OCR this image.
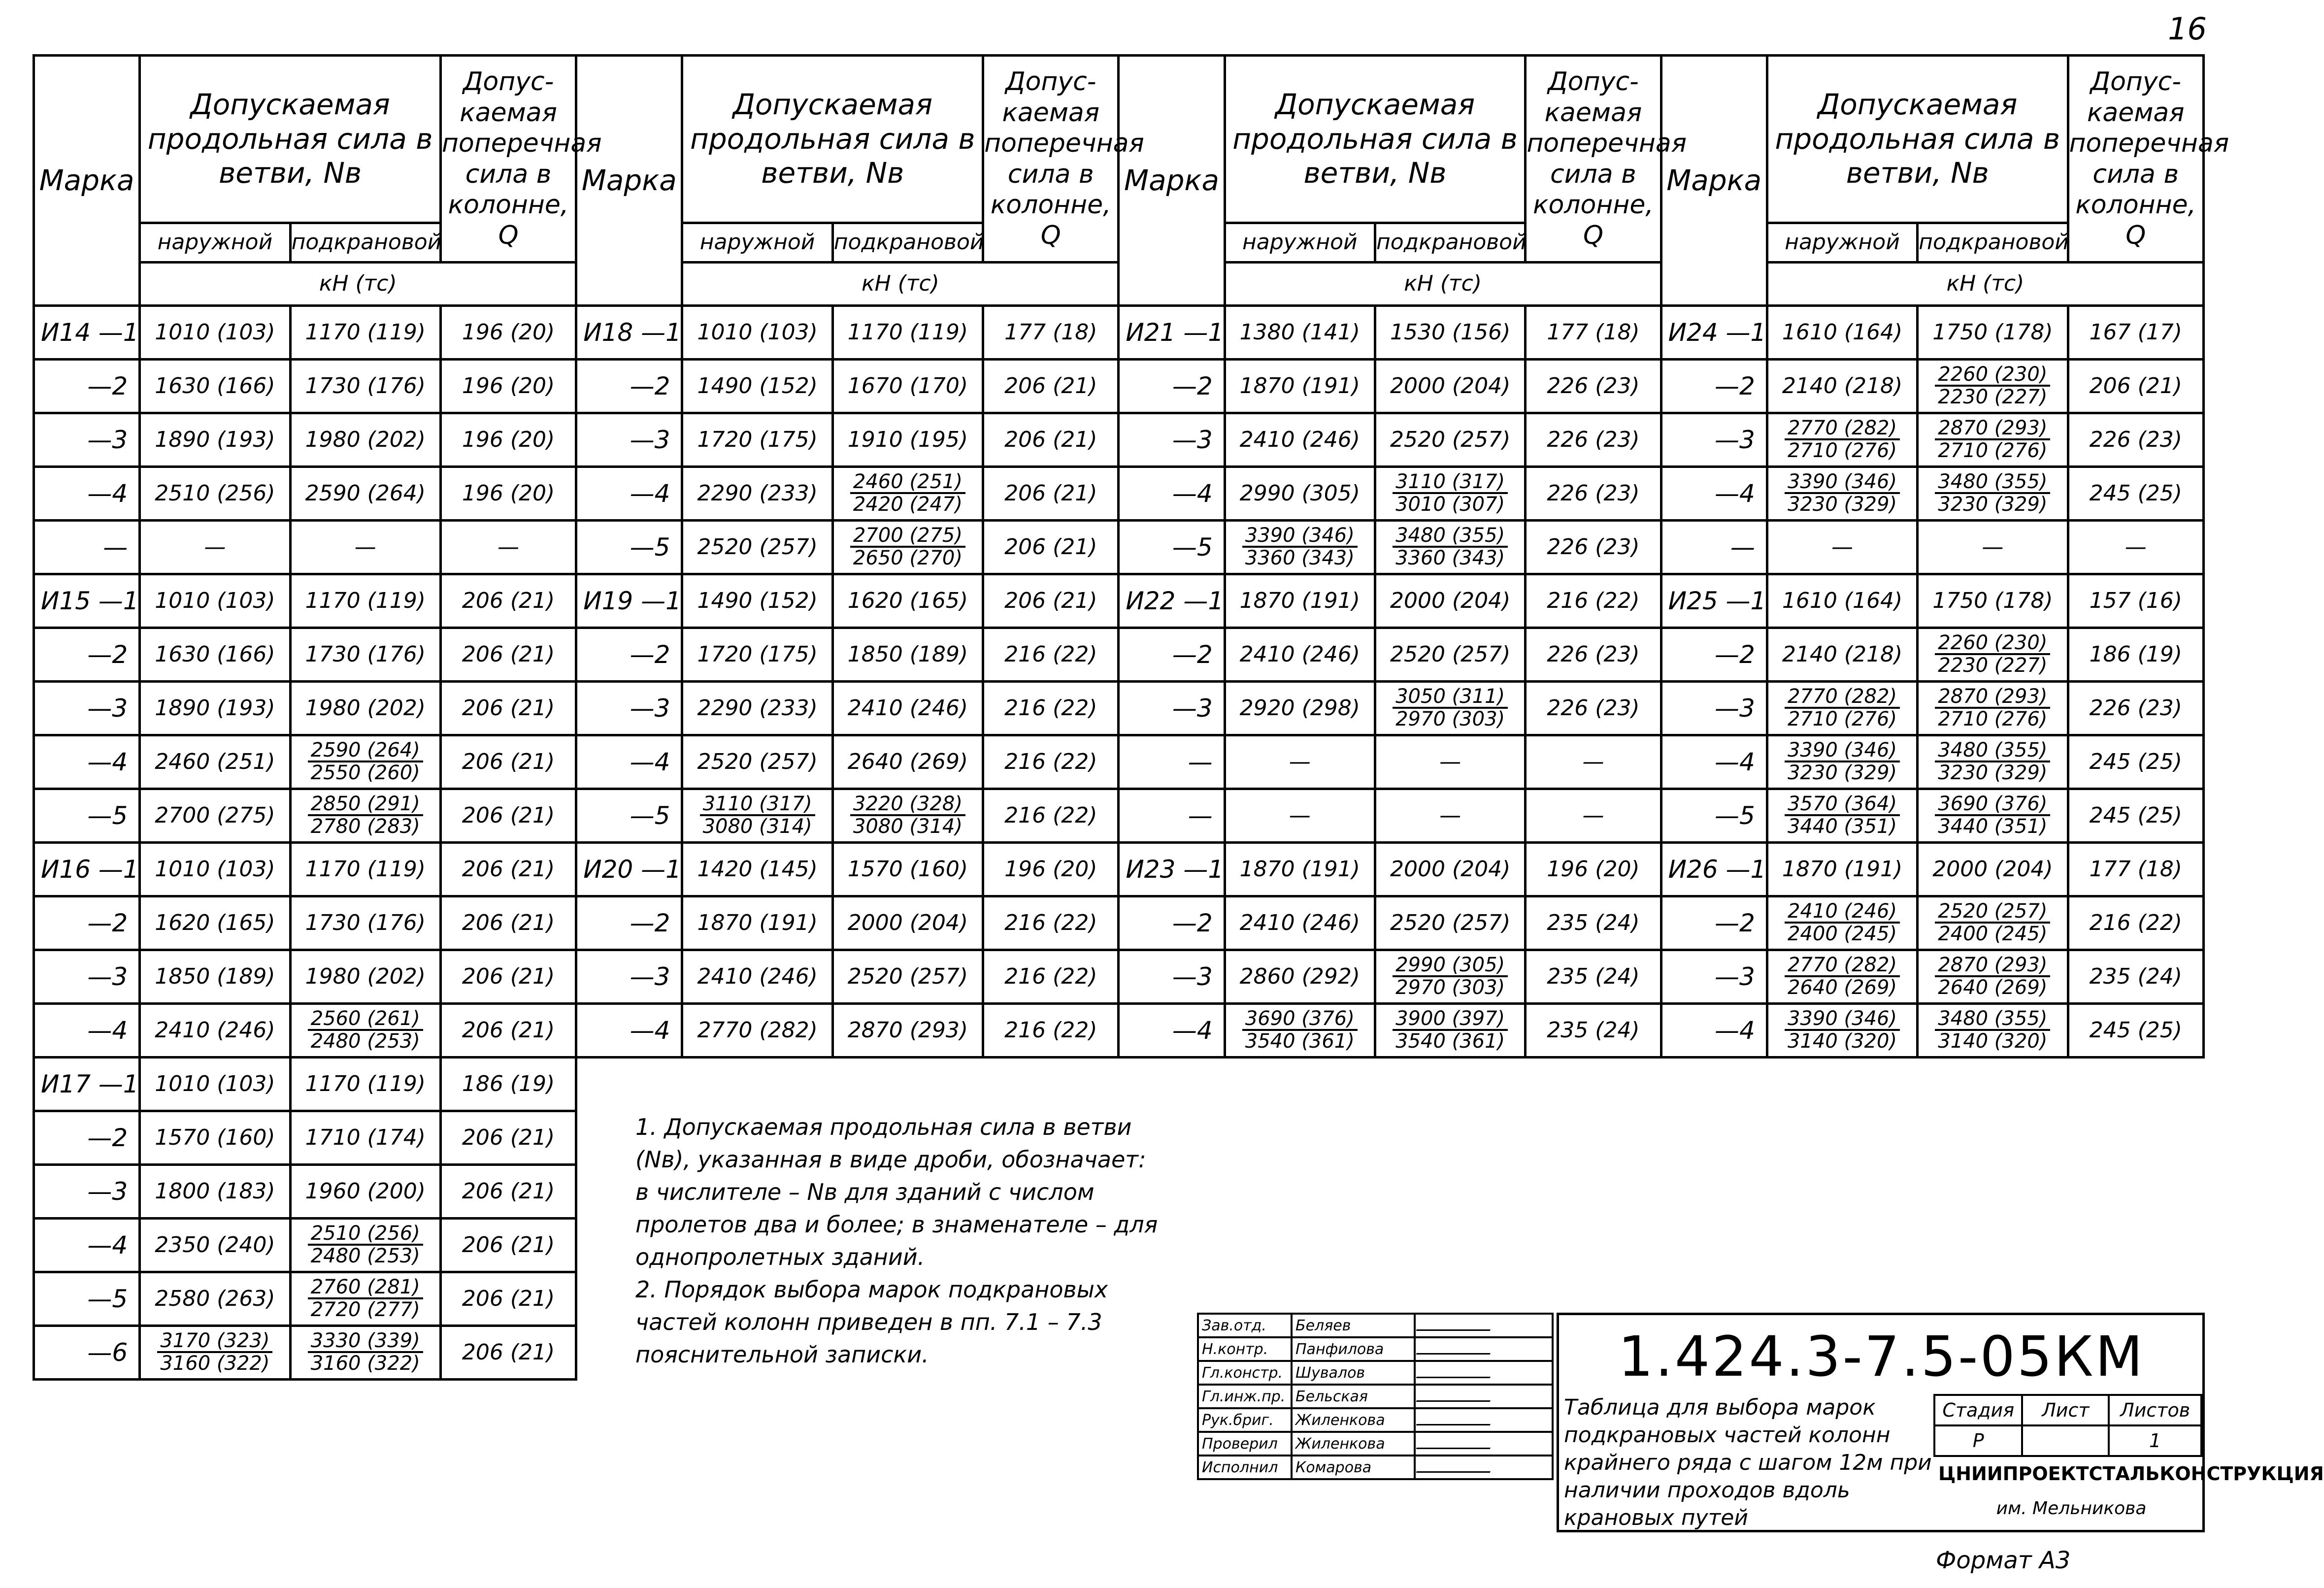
16
Марка	Допускаемая продольная сила в ветви, Nв		Допус-каемая поперечная сила в колонне, Q	Марка	Допускаемая продольная сила в ветви, Nв		Допус-каемая поперечная сила в колонне, Q	Марка	Допускаемая продольная сила в ветви, Nв		Допус-каемая поперечная сила в колонне, Q	Марка	Допускаемая продольная сила в ветви, Nв		Допус-каемая поперечная сила в колонне, Q
	наружной	подкрановой			наружной	подкрановой			наружной	подкрановой			наружной	подкрановой	
	кН (тс)				кН (тс)				кН (тс)				кН (тс)		
И14 —1	1010 (103)	1170 (119)	196 (20)	И18 —1	1010 (103)	1170 (119)	177 (18)	И21 —1	1380 (141)	1530 (156)	177 (18)	И24 —1	1610 (164)	1750 (178)	167 (17)
—2	1630 (166)	1730 (176)	196 (20)	—2	1490 (152)	1670 (170)	206 (21)	—2	1870 (191)	2000 (204)	226 (23)	—2	2140 (218)	$\frac{2260 (230)}{2230 (227)}$	206 (21)
—3	1890 (193)	1980 (202)	196 (20)	—3	1720 (175)	1910 (195)	206 (21)	—3	2410 (246)	2520 (257)	226 (23)	—3	$\frac{2770 (282)}{2710 (276)}$	$\frac{2870 (293)}{2710 (276)}$	226 (23)
—4	2510 (256)	2590 (264)	196 (20)	—4	2290 (233)	$\frac{2460 (251)}{2420 (247)}$	206 (21)	—4	2990 (305)	$\frac{3110 (317)}{3010 (307)}$	226 (23)	—4	$\frac{3390 (346)}{3230 (329)}$	$\frac{3480 (355)}{3230 (329)}$	245 (25)
—	—	—	—	—5	2520 (257)	$\frac{2700 (275)}{2650 (270)}$	206 (21)	—5	$\frac{3390 (346)}{3360 (343)}$	$\frac{3480 (355)}{3360 (343)}$	226 (23)	—	—	—	—
И15 —1	1010 (103)	1170 (119)	206 (21)	И19 —1	1490 (152)	1620 (165)	206 (21)	И22 —1	1870 (191)	2000 (204)	216 (22)	И25 —1	1610 (164)	1750 (178)	157 (16)
—2	1630 (166)	1730 (176)	206 (21)	—2	1720 (175)	1850 (189)	216 (22)	—2	2410 (246)	2520 (257)	226 (23)	—2	2140 (218)	$\frac{2260 (230)}{2230 (227)}$	186 (19)
—3	1890 (193)	1980 (202)	206 (21)	—3	2290 (233)	2410 (246)	216 (22)	—3	2920 (298)	$\frac{3050 (311)}{2970 (303)}$	226 (23)	—3	$\frac{2770 (282)}{2710 (276)}$	$\frac{2870 (293)}{2710 (276)}$	226 (23)
—4	2460 (251)	$\frac{2590 (264)}{2550 (260)}$	206 (21)	—4	2520 (257)	2640 (269)	216 (22)	—	—	—	—	—4	$\frac{3390 (346)}{3230 (329)}$	$\frac{3480 (355)}{3230 (329)}$	245 (25)
—5	2700 (275)	$\frac{2850 (291)}{2780 (283)}$	206 (21)	—5	$\frac{3110 (317)}{3080 (314)}$	$\frac{3220 (328)}{3080 (314)}$	216 (22)	—	—	—	—	—5	$\frac{3570 (364)}{3440 (351)}$	$\frac{3690 (376)}{3440 (351)}$	245 (25)
И16 —1	1010 (103)	1170 (119)	206 (21)	И20 —1	1420 (145)	1570 (160)	196 (20)	И23 —1	1870 (191)	2000 (204)	196 (20)	И26 —1	1870 (191)	2000 (204)	177 (18)
—2	1620 (165)	1730 (176)	206 (21)	—2	1870 (191)	2000 (204)	216 (22)	—2	2410 (246)	2520 (257)	235 (24)	—2	$\frac{2410 (246)}{2400 (245)}$	$\frac{2520 (257)}{2400 (245)}$	216 (22)
—3	1850 (189)	1980 (202)	206 (21)	—3	2410 (246)	2520 (257)	216 (22)	—3	2860 (292)	$\frac{2990 (305)}{2970 (303)}$	235 (24)	—3	$\frac{2770 (282)}{2640 (269)}$	$\frac{2870 (293)}{2640 (269)}$	235 (24)
—4	2410 (246)	$\frac{2560 (261)}{2480 (253)}$	206 (21)	—4	2770 (282)	2870 (293)	216 (22)	—4	$\frac{3690 (376)}{3540 (361)}$	$\frac{3900 (397)}{3540 (361)}$	235 (24)	—4	$\frac{3390 (346)}{3140 (320)}$	$\frac{3480 (355)}{3140 (320)}$	245 (25)
И17 —1	1010 (103)	1170 (119)	186 (19)												
—2	1570 (160)	1710 (174)	206 (21)												
—3	1800 (183)	1960 (200)	206 (21)												
—4	2350 (240)	$\frac{2510 (256)}{2480 (253)}$	206 (21)												
—5	2580 (263)	$\frac{2760 (281)}{2720 (277)}$	206 (21)												
—6	$\frac{3170 (323)}{3160 (322)}$	$\frac{3330 (339)}{3160 (322)}$	206 (21)												

1. Допускаемая продольная сила в ветви (Nв), указанная в виде дроби, обозначает:

в числителе – Nв для зданий с числом пролетов два и более; в знаменателе – для однопролетных зданий.

2. Порядок выбора марок подкрановых частей колонн приведен в пп. 7.1 – 7.3 пояснительной записки.

Зав.отд.	Беляев	
Н.контр.	Панфилова	
Гл.констр.	Шувалов	
Гл.инж.пр.	Бельская	
Рук.бриг.	Жиленкова	
Проверил	Жиленкова	
Исполнил	Комарова	
1.424.3-7.5-05КМ
Таблица для выбора марок подкрановых частей колонн крайнего ряда с шагом 12м при наличии проходов вдоль крановых путей
Стадия	Лист	Листов
Р		1
ЦНИИПРОЕКТСТАЛЬКОНСТРУКЦИЯ
им. Мельникова
Формат А3
